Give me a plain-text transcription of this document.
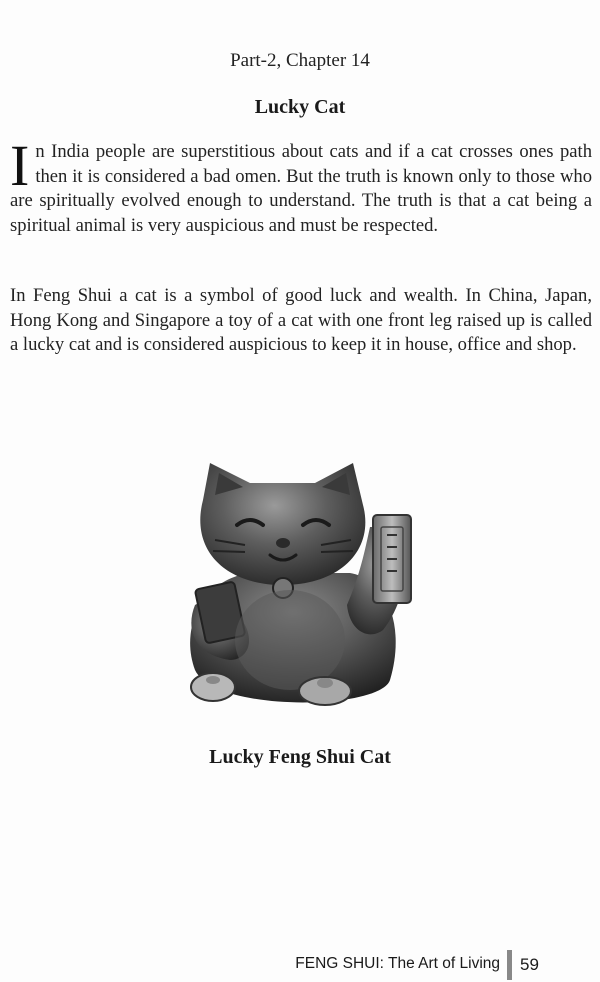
Part-2, Chapter 14
Lucky Cat

In India people are superstitious about cats and if a cat crosses ones path then it is considered a bad omen. But the truth is known only to those who are spiritually evolved enough to understand. The truth is that a cat being a spiritual animal is very auspicious and must be respected.

In Feng Shui a cat is a symbol of good luck and wealth. In China, Japan, Hong Kong and Singapore a toy of a cat with one front leg raised up is called a lucky cat and is considered auspicious to keep it in house, office and shop.

Lucky Feng Shui Cat
FENG SHUI: The Art of Living 59
